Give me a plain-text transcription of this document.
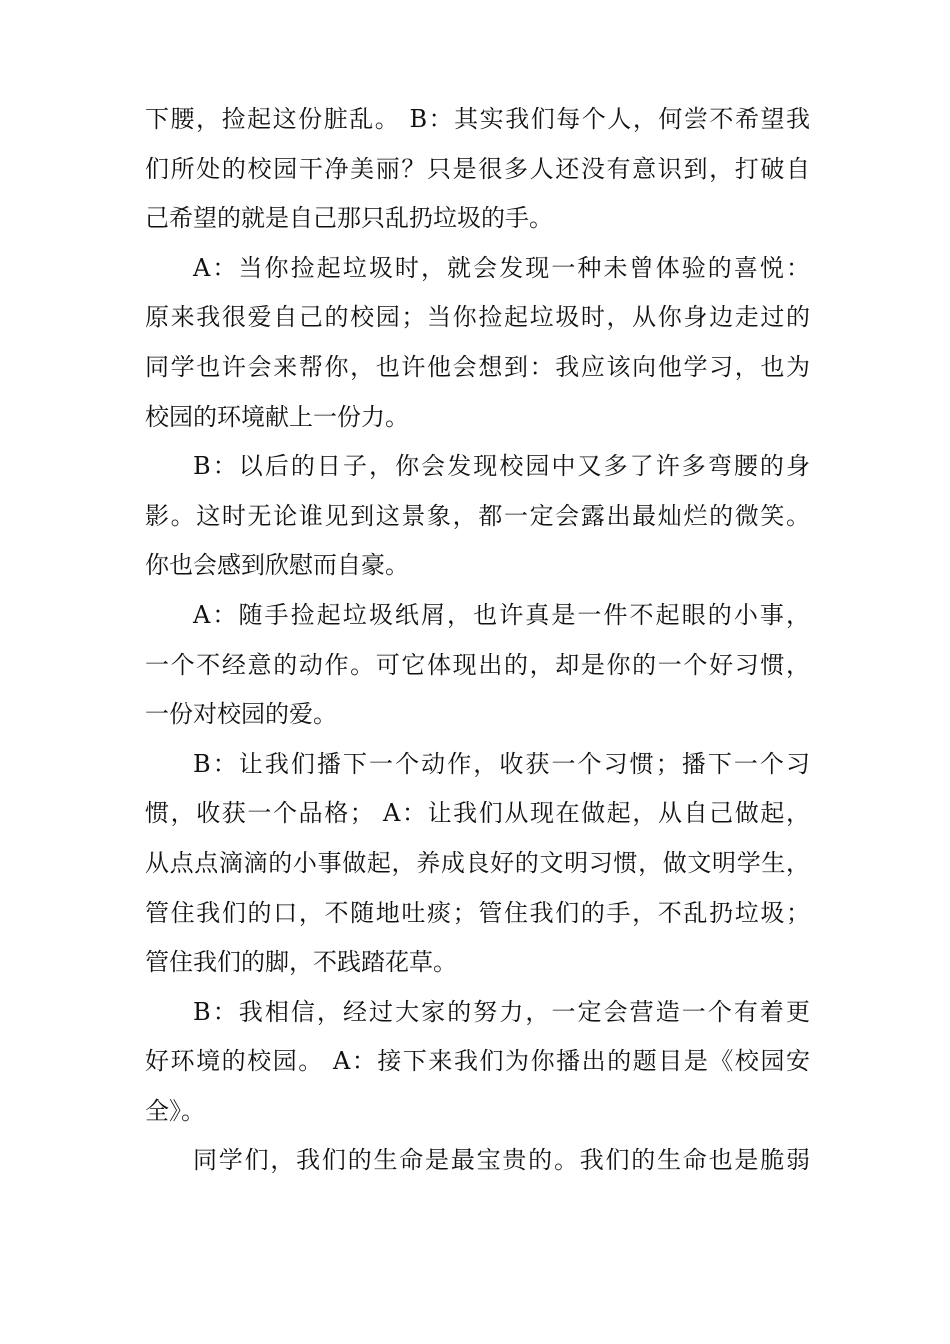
下腰，捡起这份脏乱。 B：其实我们每个人，何尝不希望我
们所处的校园干净美丽？只是很多人还没有意识到，打破自
己希望的就是自己那只乱扔垃圾的手。
A：当你捡起垃圾时，就会发现一种未曾体验的喜悦：
原来我很爱自己的校园；当你捡起垃圾时，从你身边走过的
同学也许会来帮你，也许他会想到：我应该向他学习，也为
校园的环境献上一份力。
B：以后的日子，你会发现校园中又多了许多弯腰的身
影。这时无论谁见到这景象，都一定会露出最灿烂的微笑。
你也会感到欣慰而自豪。
A：随手捡起垃圾纸屑，也许真是一件不起眼的小事，
一个不经意的动作。可它体现出的，却是你的一个好习惯，
一份对校园的爱。
B：让我们播下一个动作，收获一个习惯；播下一个习
惯，收获一个品格； A：让我们从现在做起，从自己做起，
从点点滴滴的小事做起，养成良好的文明习惯，做文明学生，
管住我们的口，不随地吐痰；管住我们的手，不乱扔垃圾；
管住我们的脚，不践踏花草。
B：我相信，经过大家的努力，一定会营造一个有着更
好环境的校园。 A：接下来我们为你播出的题目是《校园安
全》。
同学们，我们的生命是最宝贵的。我们的生命也是脆弱
